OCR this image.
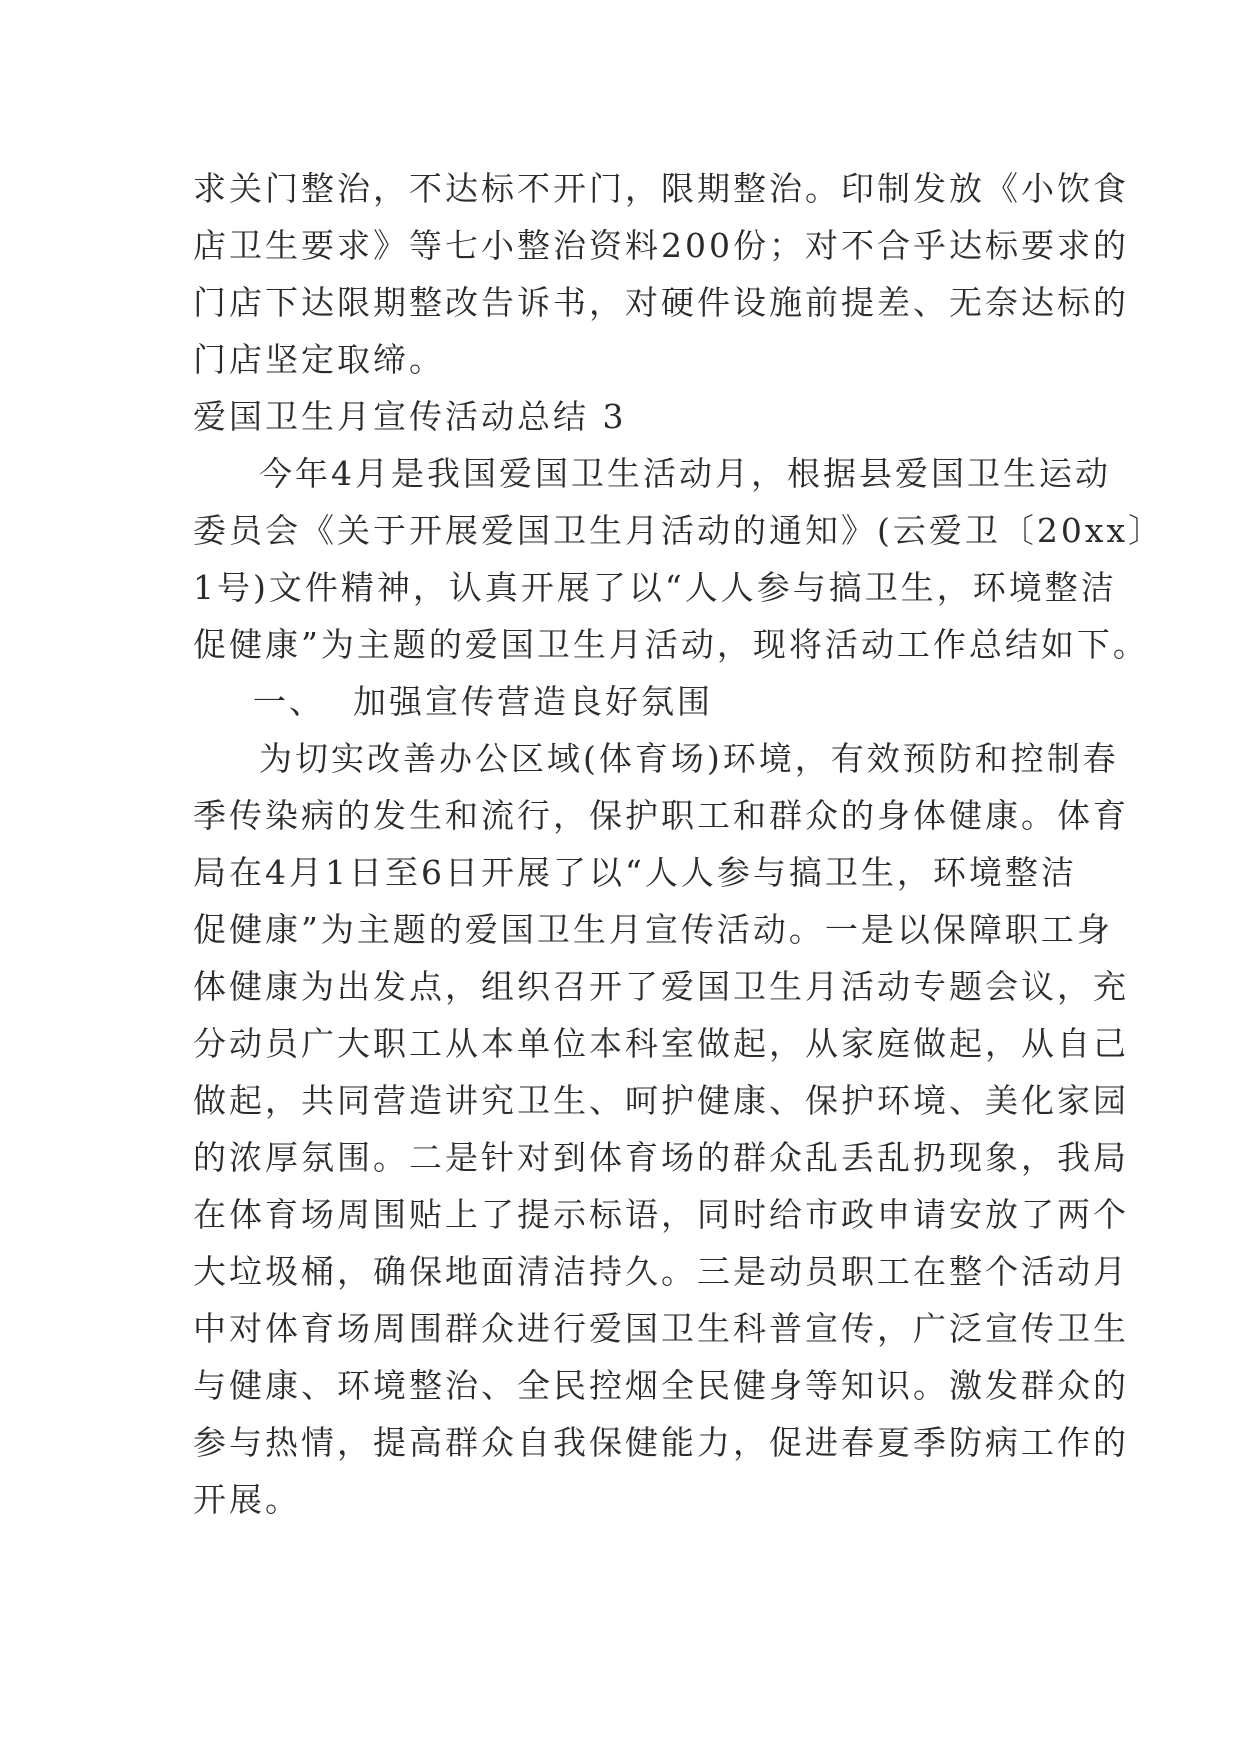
求关门整治，不达标不开门，限期整治。印制发放《小饮食
店卫生要求》等七小整治资料200份；对不合乎达标要求的
门店下达限期整改告诉书，对硬件设施前提差、无奈达标的
门店坚定取缔。
爱国卫生月宣传活动总结 3
今年4月是我国爱国卫生活动月，根据县爱国卫生运动
委员会《关于开展爱国卫生月活动的通知》(云爱卫〔20xx〕
1号)文件精神，认真开展了以“人人参与搞卫生，环境整洁
促健康”为主题的爱国卫生月活动，现将活动工作总结如下。
一、 加强宣传营造良好氛围
为切实改善办公区域(体育场)环境，有效预防和控制春
季传染病的发生和流行，保护职工和群众的身体健康。体育
局在4月1日至6日开展了以“人人参与搞卫生，环境整洁
促健康”为主题的爱国卫生月宣传活动。一是以保障职工身
体健康为出发点，组织召开了爱国卫生月活动专题会议，充
分动员广大职工从本单位本科室做起，从家庭做起，从自己
做起，共同营造讲究卫生、呵护健康、保护环境、美化家园
的浓厚氛围。二是针对到体育场的群众乱丢乱扔现象，我局
在体育场周围贴上了提示标语，同时给市政申请安放了两个
大垃圾桶，确保地面清洁持久。三是动员职工在整个活动月
中对体育场周围群众进行爱国卫生科普宣传，广泛宣传卫生
与健康、环境整治、全民控烟全民健身等知识。激发群众的
参与热情，提高群众自我保健能力，促进春夏季防病工作的
开展。
